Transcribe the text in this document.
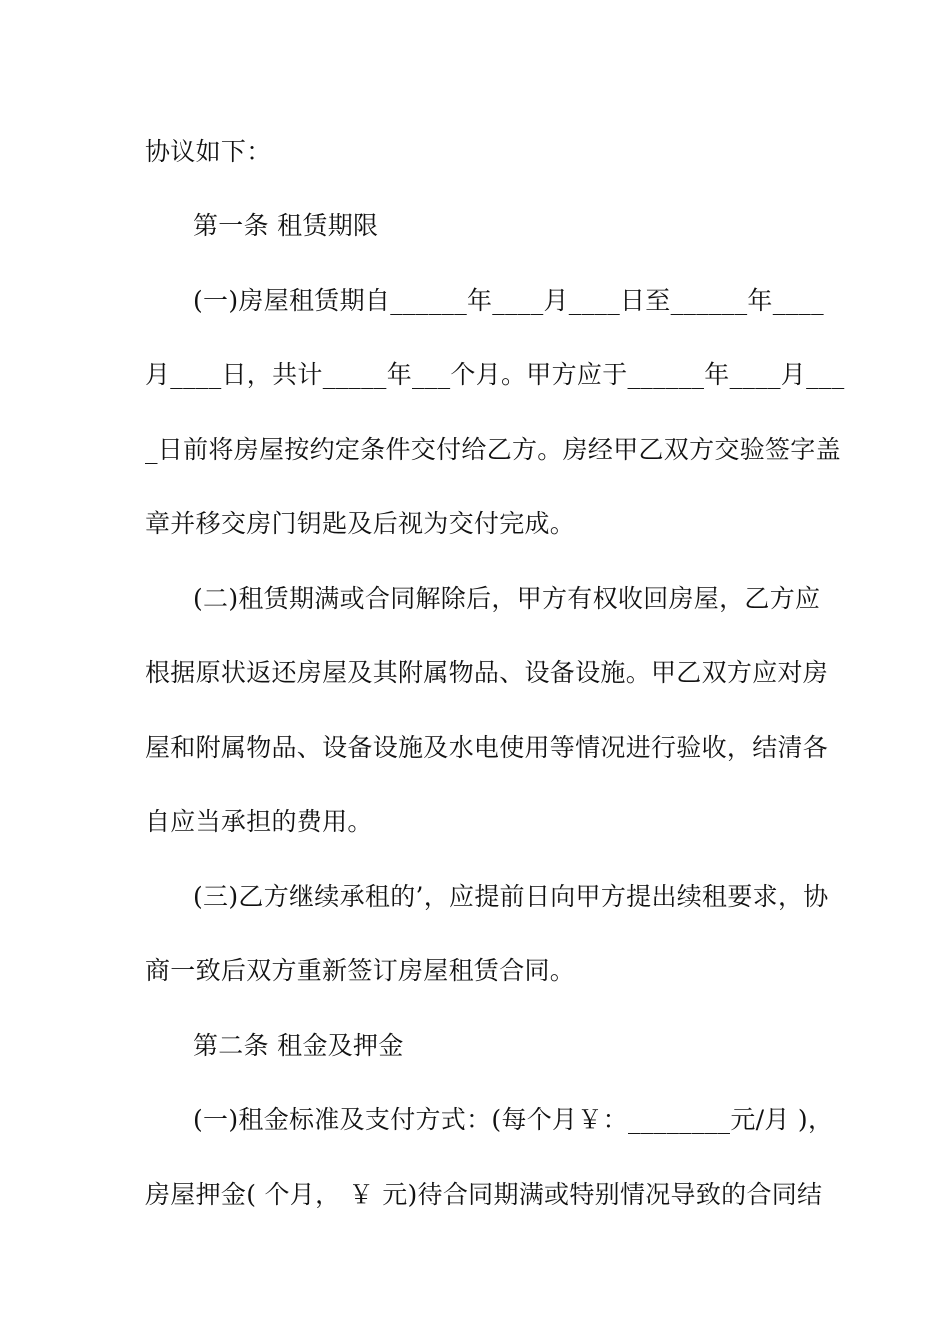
协议如下：
第一条 租赁期限
(一)房屋租赁期自______年____月____日至______年____
月____日，共计_____年___个月。甲方应于______年____月___
_日前将房屋按约定条件交付给乙方。房经甲乙双方交验签字盖
章并移交房门钥匙及后视为交付完成。
(二)租赁期满或合同解除后，甲方有权收回房屋，乙方应
根据原状返还房屋及其附属物品、设备设施。甲乙双方应对房
屋和附属物品、设备设施及水电使用等情况进行验收，结清各
自应当承担的费用。
(三)乙方继续承租的’，应提前日向甲方提出续租要求，协
商一致后双方重新签订房屋租赁合同。
第二条 租金及押金
(一)租金标准及支付方式：(每个月￥：________元/月 )，
房屋押金( 个月， ￥ 元)待合同期满或特别情况导致的合同结
